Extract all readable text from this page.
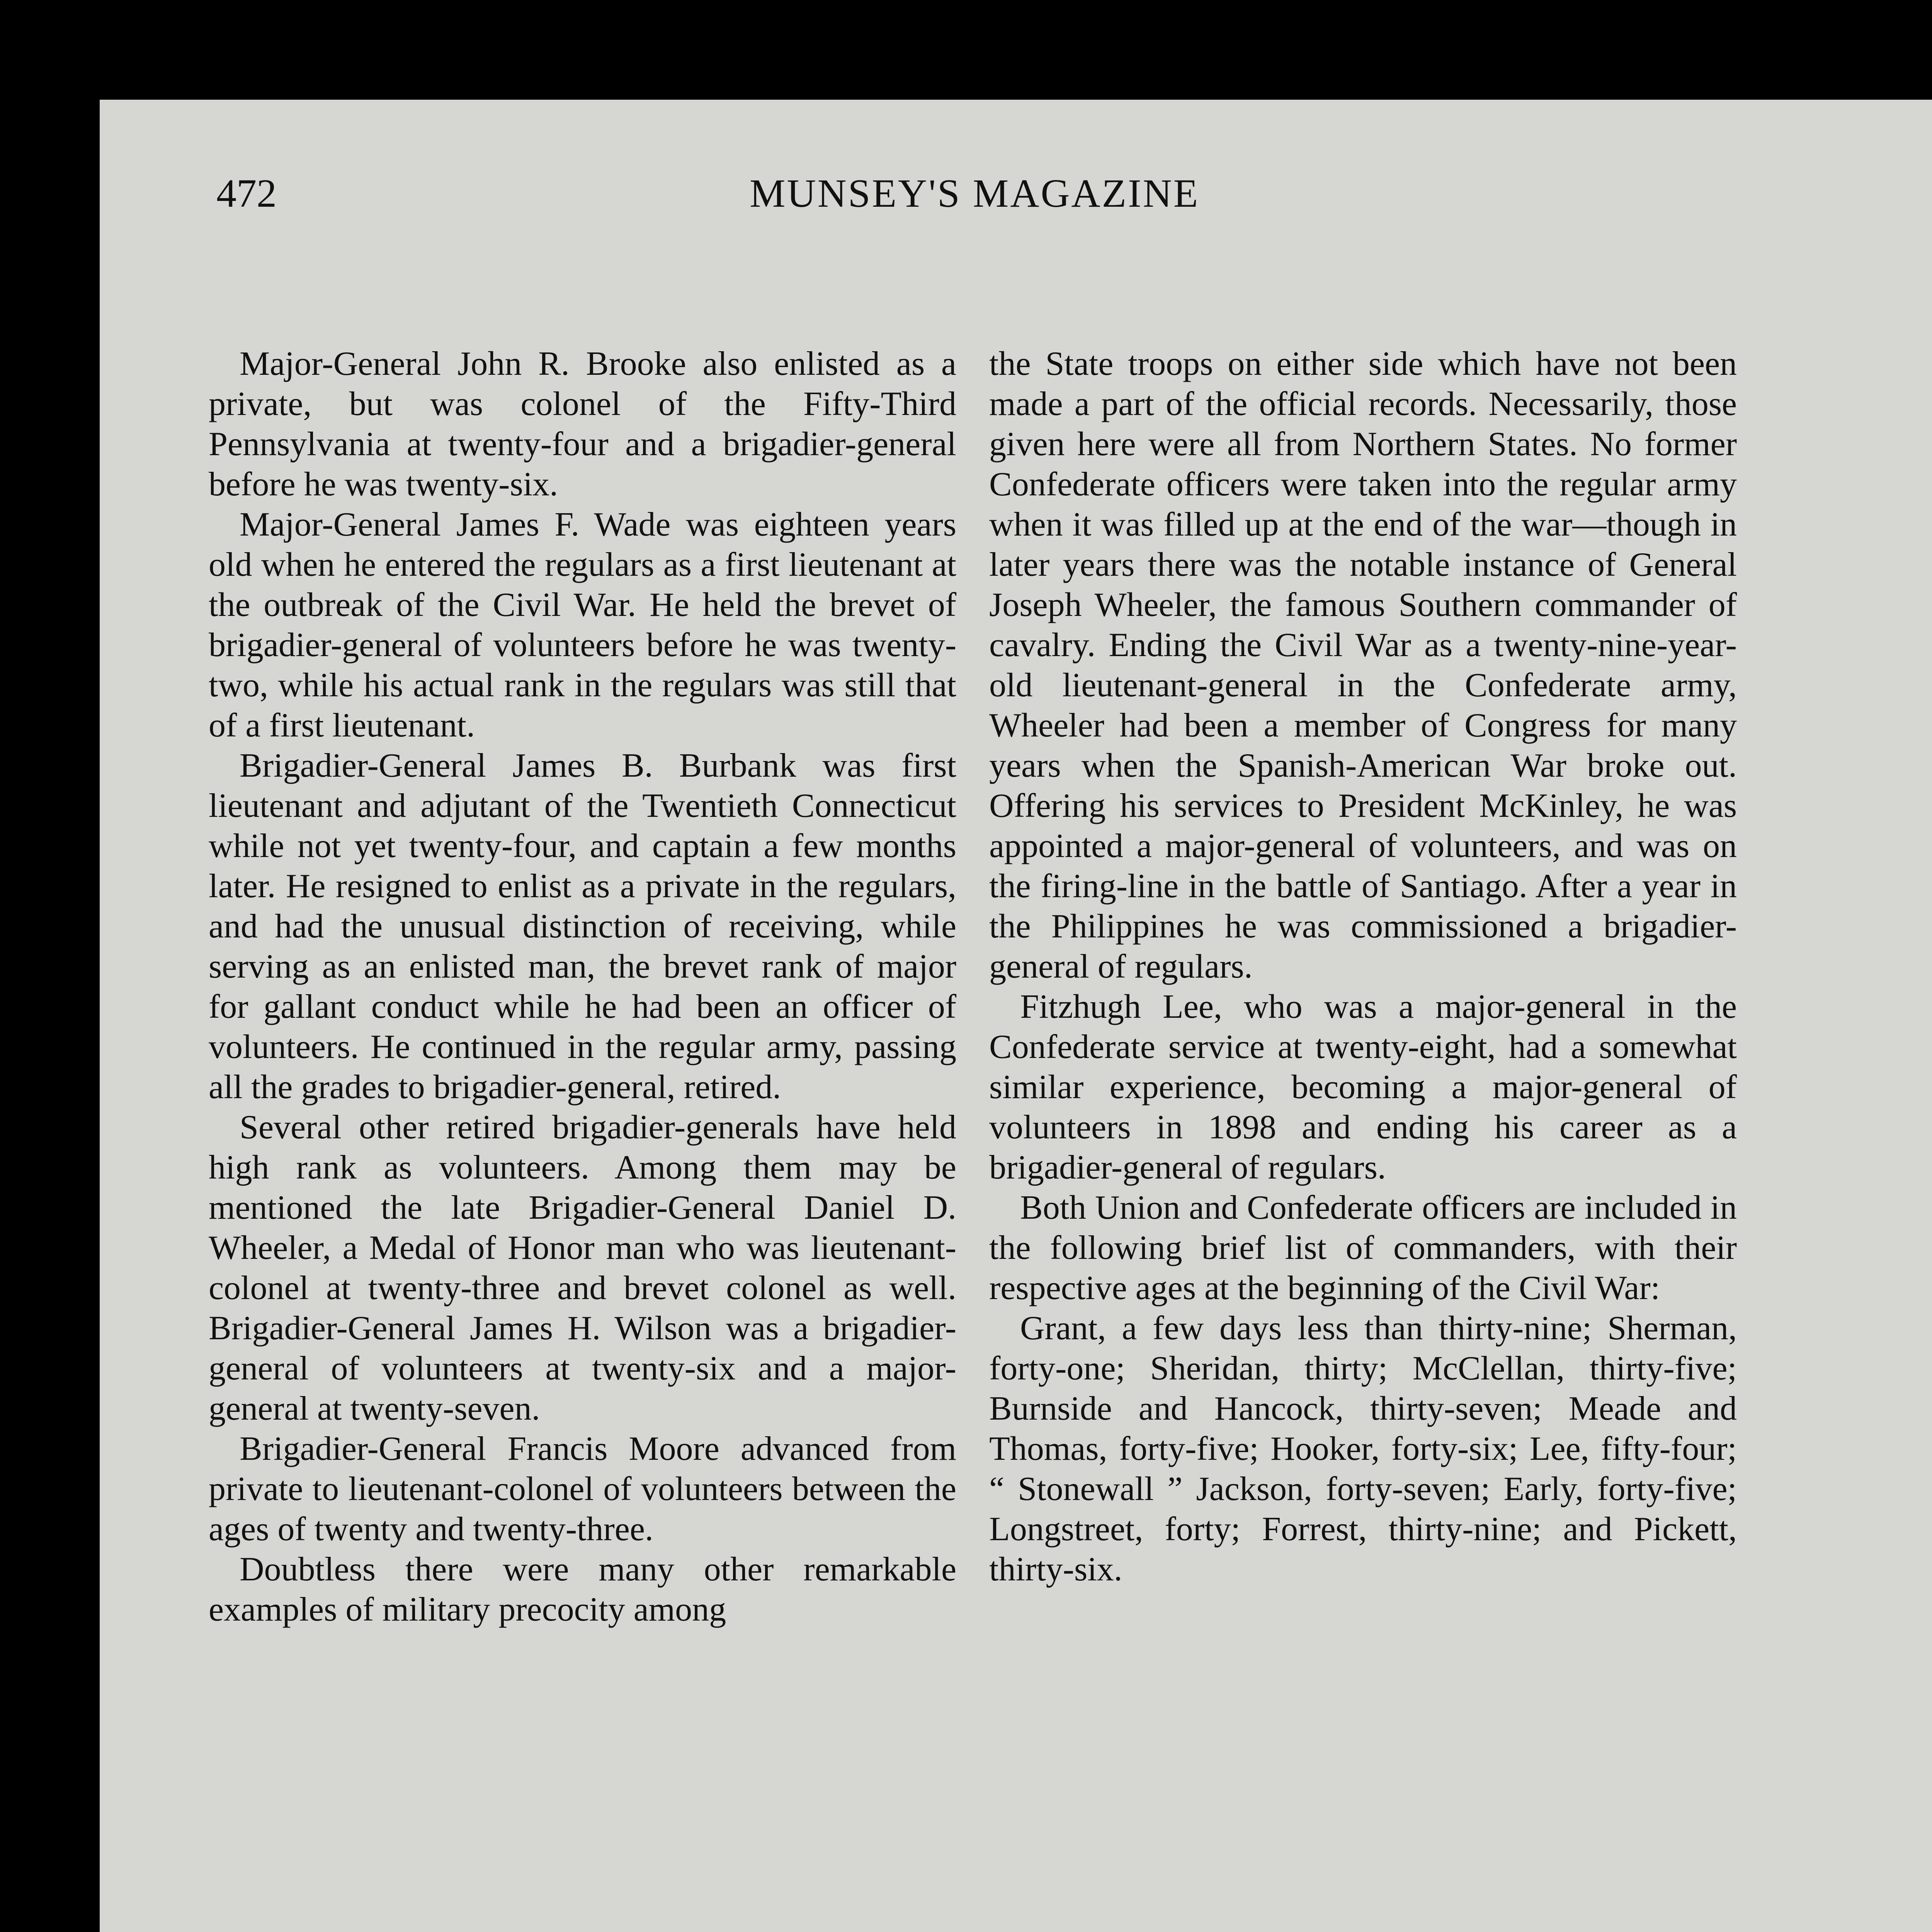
472	MUNSEY'S MAGAZINE

Major-General John R. Brooke also enlisted as a private, but was colonel of the Fifty-Third Pennsylvania at twenty-four and a brigadier-general before he was twenty-six.

Major-General James F. Wade was eighteen years old when he entered the regulars as a first lieutenant at the outbreak of the Civil War. He held the brevet of brigadier-general of volunteers before he was twenty-two, while his actual rank in the regulars was still that of a first lieutenant.

Brigadier-General James B. Burbank was first lieutenant and adjutant of the Twentieth Connecticut while not yet twenty-four, and captain a few months later. He resigned to enlist as a private in the regulars, and had the unusual distinction of receiving, while serving as an enlisted man, the brevet rank of major for gallant conduct while he had been an officer of volunteers. He continued in the regular army, passing all the grades to brigadier-general, retired.

Several other retired brigadier-generals have held high rank as volunteers. Among them may be mentioned the late Brigadier-General Daniel D. Wheeler, a Medal of Honor man who was lieutenant-colonel at twenty-three and brevet colonel as well. Brigadier-General James H. Wilson was a brigadier-general of volunteers at twenty-six and a major-general at twenty-seven.

Brigadier-General Francis Moore advanced from private to lieutenant-colonel of volunteers between the ages of twenty and twenty-three.

Doubtless there were many other remarkable examples of military precocity among

the State troops on either side which have not been made a part of the official records. Necessarily, those given here were all from Northern States. No former Confederate officers were taken into the regular army when it was filled up at the end of the war—though in later years there was the notable instance of General Joseph Wheeler, the famous Southern commander of cavalry. Ending the Civil War as a twenty-nine-year-old lieutenant-general in the Confederate army, Wheeler had been a member of Congress for many years when the Spanish-American War broke out. Offering his services to President McKinley, he was appointed a major-general of volunteers, and was on the firing-line in the battle of Santiago. After a year in the Philippines he was commissioned a brigadier-general of regulars.

Fitzhugh Lee, who was a major-general in the Confederate service at twenty-eight, had a somewhat similar experience, becoming a major-general of volunteers in 1898 and ending his career as a brigadier-general of regulars.

Both Union and Confederate officers are included in the following brief list of commanders, with their respective ages at the beginning of the Civil War:

Grant, a few days less than thirty-nine; Sherman, forty-one; Sheridan, thirty; McClellan, thirty-five; Burnside and Hancock, thirty-seven; Meade and Thomas, forty-five; Hooker, forty-six; Lee, fifty-four; “ Stonewall ” Jackson, forty-seven; Early, forty-five; Longstreet, forty; Forrest, thirty-nine; and Pickett, thirty-six.
